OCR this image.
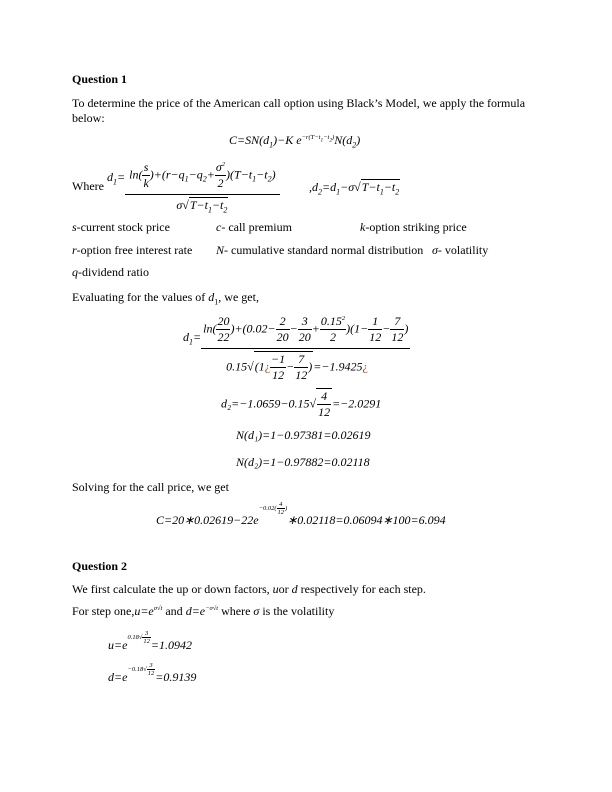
Question 1
To determine the price of the American call option using Black’s Model, we apply the formula
below:
$C=SN(d_1)-K$ $e^{-r(T-t_1-t_2)}N(d_2)$
Where
$d_1= \frac{\ln( \frac{s}{k} )+(r-q_1-q_2+ \frac{\sigma^2}{2} )(T-t_1-t_2)}{\sigma√T-t_1-t_2} ,d_2=d_1-\sigma√T-t_1-t_2$
s-current stock price	c- call premium	k-option striking price
r-option free interest rate N- cumulative standard normal distribution σ- volatility
q-dividend ratio
Evaluating for the values of $d_1$, we get,
$d_1= \frac{\ln( \frac{20}{22} )+(0.02- \frac{2}{20} - \frac{3}{20} + \frac{0.15^2}{2} )(1- \frac{1}{12} - \frac{7}{12} )}{0.15√(1¿ \frac{-1}{12} - \frac{7}{12} )=-1.9425¿}$
$d_2=-1.0659-0.15√ \frac{4}{12} =-2.0291$
N(d₁)=1−0.97381=0.02619
N(d₂)=1−0.97882=0.02118
Solving for the call price, we get
$C=20∗0.02619-22e^{-0.02( \frac{4}{12} )}∗0.02118=0.06094∗100=6.094$
Question 2
We first calculate the up or down factors, uor d respectively for each step.
For step $one,u=e^{\sigma√t}$ and $d=e^{-\sigma√t}$ where σ is the volatility
$u=e0.18√ \frac{3}{12} =1.0942$
$d=e-0.18√ \frac{3}{12} =0.9139$
